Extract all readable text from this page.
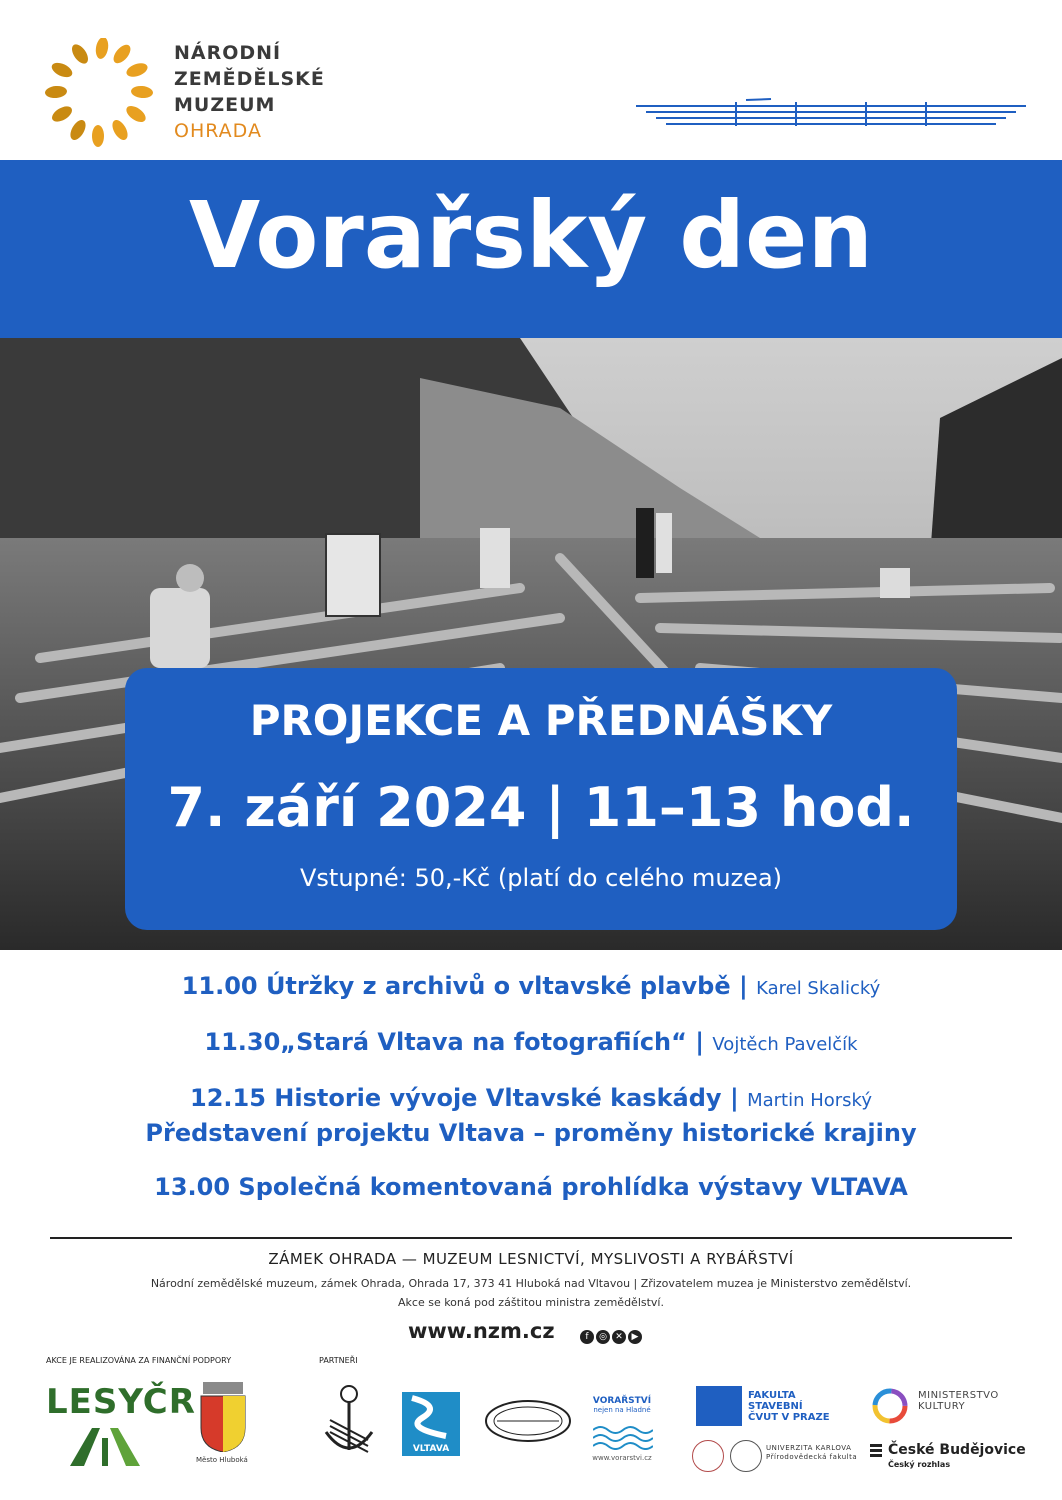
NÁRODNÍ
ZEMĚDĚLSKÉ
MUZEUM
OHRADA
Vorařský den
PROJEKCE A PŘEDNÁŠKY
7. září 2024 | 11–13 hod.
Vstupné: 50,-Kč (platí do celého muzea)
11.00 Útržky z archivů o vltavské plavbě | Karel Skalický
11.30„Stará Vltava na fotografiích“ | Vojtěch Pavelčík
12.15 Historie vývoje Vltavské kaskády | Martin Horský
Představení projektu Vltava – proměny historické krajiny
13.00 Společná komentovaná prohlídka výstavy VLTAVA
ZÁMEK OHRADA — MUZEUM LESNICTVÍ, MYSLIVOSTI A RYBÁŘSTVÍ
Národní zemědělské muzeum, zámek Ohrada, Ohrada 17, 373 41 Hluboká nad Vltavou | Zřizovatelem muzea je Ministerstvo zemědělství.
Akce se koná pod záštitou ministra zemědělství.
www.nzm.cz	f ◎ ✕ ▶
AKCE JE REALIZOVÁNA ZA FINANČNÍ PODPORY	PARTNEŘI
LESYČR
Město Hluboká
VLTAVA
VORAŘSTVÍ
nejen na Hladné
www.vorarstvi.cz
FAKULTA
STAVEBNÍ
ČVUT V PRAZE
UNIVERZITA KARLOVA
Přírodovědecká fakulta
MINISTERSTVO
KULTURY
České Budějovice
Český rozhlas
